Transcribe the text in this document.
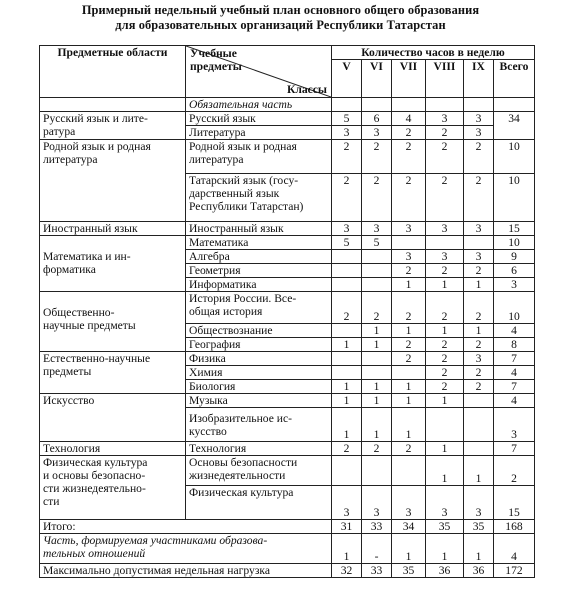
Примерный недельный учебный план основного общего образования
для образовательных организаций Республики Татарстан
Предметные области	Учебные
предметы
Классы	Количество часов в неделю					
		V	VI	VII	VIII	IX	Всего

	Обязательная часть						

Русский язык и лите-
ратура	Русский язык	5	6	4	3	3	34
	Литература	3	3	2	2	3	

Родной язык и родная
литература	Родной язык и родная
литература	2	2	2	2	2	10

	Татарский язык (госу-
дарственный язык
Республики Татарстан)	2	2	2	2	2	10
Иностранный язык	Иностранный язык	3	3	3	3	3	15

Математика и ин-
форматика	Математика	5	5				10
	Алгебра			3	3	3	9
	Геометрия			2	2	2	6
	Информатика			1	1	1	3

Общественно-
научные предметы	История России. Все-
общая история	2	2	2	2	2	10
	Обществознание		1	1	1	1	4
	География	1	1	2	2	2	8

Естественно-научные
предметы	Физика			2	2	3	7
	Химия				2	2	4
	Биология	1	1	1	2	2	7
Искусство	Музыка	1	1	1	1		4

	Изобразительное ис-
кусство	1	1	1			3
Технология	Технология	2	2	2	1		7

Физическая культура
и основы безопасно-
сти жизнедеятельно-
сти	Основы безопасности
жизнедеятельности				1	1	2
	Физическая культура	3	3	3	3	3	15
Итого:		31	33	34	35	35	168

Часть, формируемая участниками образова-
тельных отношений		1	-	1	1	1	4
Максимально допустимая недельная нагрузка		32	33	35	36	36	172
